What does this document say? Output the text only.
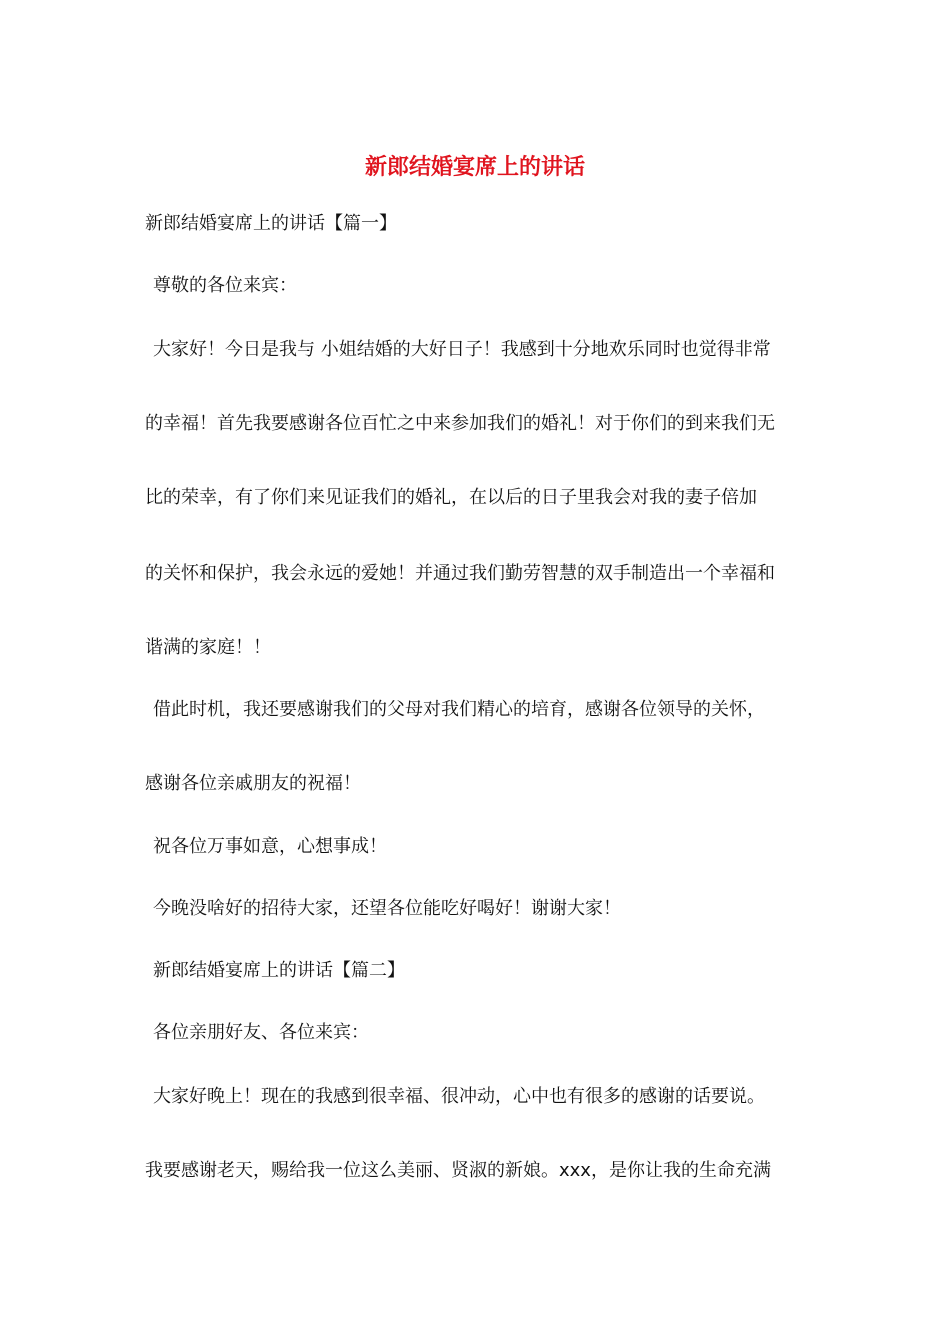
新郎结婚宴席上的讲话
新郎结婚宴席上的讲话【篇一】
尊敬的各位来宾：
大家好！今日是我与 小姐结婚的大好日子！我感到十分地欢乐同时也觉得非常
的幸福！首先我要感谢各位百忙之中来参加我们的婚礼！对于你们的到来我们无
比的荣幸，有了你们来见证我们的婚礼，在以后的日子里我会对我的妻子倍加
的关怀和保护，我会永远的爱她！并通过我们勤劳智慧的双手制造出一个幸福和
谐满的家庭！！
借此时机，我还要感谢我们的父母对我们精心的培育，感谢各位领导的关怀，
感谢各位亲戚朋友的祝福！
祝各位万事如意，心想事成！
今晚没啥好的招待大家，还望各位能吃好喝好！谢谢大家！
新郎结婚宴席上的讲话【篇二】
各位亲朋好友、各位来宾：
大家好晚上！现在的我感到很幸福、很冲动，心中也有很多的感谢的话要说。
我要感谢老天，赐给我一位这么美丽、贤淑的新娘。xxx，是你让我的生命充满
